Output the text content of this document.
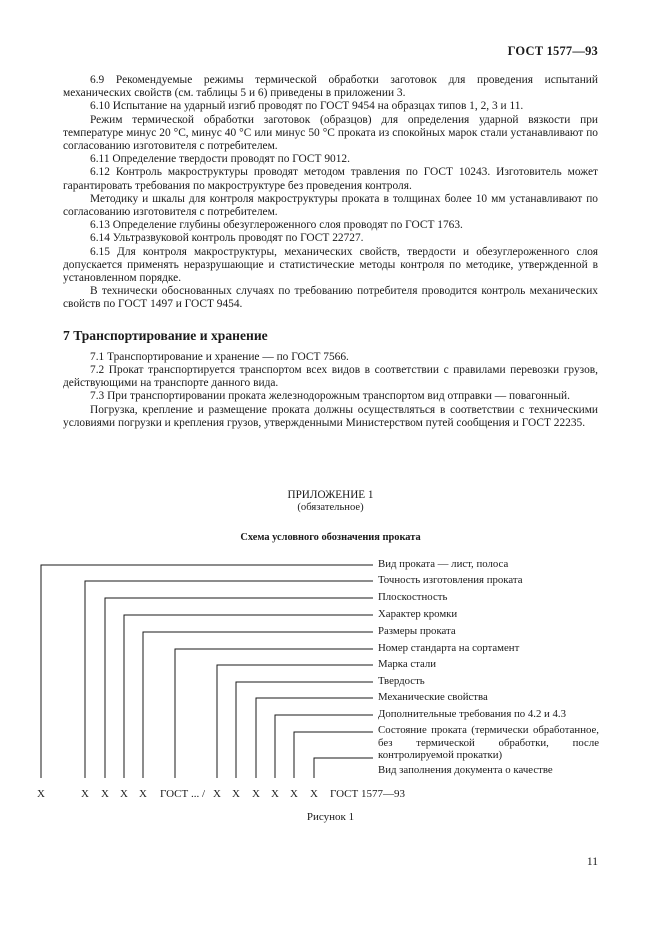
ГОСТ 1577—93

6.9 Рекомендуемые режимы термической обработки заготовок для проведения испытаний механических свойств (см. таблицы 5 и 6) приведены в приложении 3.

6.10 Испытание на ударный изгиб проводят по ГОСТ 9454 на образцах типов 1, 2, 3 и 11.

Режим термической обработки заготовок (образцов) для определения ударной вязкости при температуре минус 20 °С, минус 40 °С или минус 50 °С проката из спокойных марок стали устанавливают по согласованию изготовителя с потребителем.

6.11 Определение твердости проводят по ГОСТ 9012.

6.12 Контроль макроструктуры проводят методом травления по ГОСТ 10243. Изготовитель может гарантировать требования по макроструктуре без проведения контроля.

Методику и шкалы для контроля макроструктуры проката в толщинах более 10 мм устанавливают по согласованию изготовителя с потребителем.

6.13 Определение глубины обезуглероженного слоя проводят по ГОСТ 1763.

6.14 Ультразвуковой контроль проводят по ГОСТ 22727.

6.15 Для контроля макроструктуры, механических свойств, твердости и обезуглероженного слоя допускается применять неразрушающие и статистические методы контроля по методике, утвержденной в установленном порядке.

В технически обоснованных случаях по требованию потребителя проводится контроль механических свойств по ГОСТ 1497 и ГОСТ 9454.

7 Транспортирование и хранение

7.1 Транспортирование и хранение — по ГОСТ 7566.

7.2 Прокат транспортируется транспортом всех видов в соответствии с правилами перевозки грузов, действующими на транспорте данного вида.

7.3 При транспортировании проката железнодорожным транспортом вид отправки — повагонный.

Погрузка, крепление и размещение проката должны осуществляться в соответствии с техническими условиями погрузки и крепления грузов, утвержденными Министерством путей сообщения и ГОСТ 22235.

ПРИЛОЖЕНИЕ 1
(обязательное)
Схема условного обозначения проката
Вид проката — лист, полоса
Точность изготовления проката
Плоскостность
Характер кромки
Размеры проката
Номер стандарта на сортамент
Марка стали
Твердость
Механические свойства
Дополнительные требования по 4.2 и 4.3
Состояние проката (термически обработанное, без термической обработки, после контролируемой прокатки)
Вид заполнения документа о качестве
X	X X X X ГОСТ ... / X X X X X X ГОСТ 1577—93
Рисунок 1
11
